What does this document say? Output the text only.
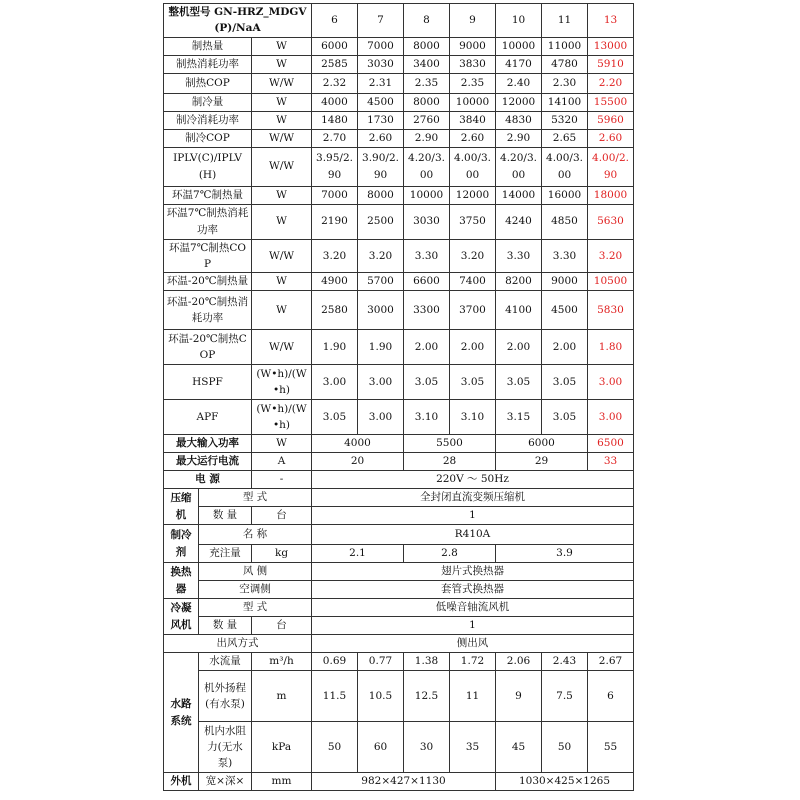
整机型号 GN-HRZ_MDGV(P)/NaA			6	7	8	9	10	11	13
制热量		W	6000	7000	8000	9000	10000	11000	13000
制热消耗功率		W	2585	3030	3400	3830	4170	4780	5910
制热COP		W/W	2.32	2.31	2.35	2.35	2.40	2.30	2.20
制冷量		W	4000	4500	8000	10000	12000	14100	15500
制冷消耗功率		W	1480	1730	2760	3840	4830	5320	5960
制冷COP		W/W	2.70	2.60	2.90	2.60	2.90	2.65	2.60
IPLV(C)/IPLV(H)		W/W	3.95/2.90	3.90/2.90	4.20/3.00	4.00/3.00	4.20/3.00	4.00/3.00	4.00/2.90
环温7℃制热量		W	7000	8000	10000	12000	14000	16000	18000
环温7℃制热消耗功率		W	2190	2500	3030	3750	4240	4850	5630
环温7℃制热COP		W/W	3.20	3.20	3.30	3.20	3.30	3.30	3.20
环温-20℃制热量		W	4900	5700	6600	7400	8200	9000	10500
环温-20℃制热消耗功率		W	2580	3000	3300	3700	4100	4500	5830
环温-20℃制热COP		W/W	1.90	1.90	2.00	2.00	2.00	2.00	1.80
HSPF		(W•h)/(W•h)	3.00	3.00	3.05	3.05	3.05	3.05	3.00
APF		(W•h)/(W•h)	3.05	3.00	3.10	3.10	3.15	3.05	3.00
最大输入功率		W	4000		5500		6000		6500
最大运行电流		A	20		28		29		33
电 源		-	220V ～ 50Hz						
压缩机	型 式		全封闭直流变频压缩机						
	数 量	台	1						
制冷剂	名 称		R410A						
	充注量	kg	2.1		2.8		3.9		
换热器	风 侧		翅片式换热器						
	空调侧		套管式换热器						
冷凝风机	型 式		低噪音轴流风机						
	数 量	台	1						
出风方式			侧出风						
水路系统	水流量	m³/h	0.69	0.77	1.38	1.72	2.06	2.43	2.67
	机外扬程(有水泵)	m	11.5	10.5	12.5	11	9	7.5	6
	机内水阻力(无水泵)	kPa	50	60	30	35	45	50	55
外机	宽×深×	mm	982×427×1130				1030×425×1265		
